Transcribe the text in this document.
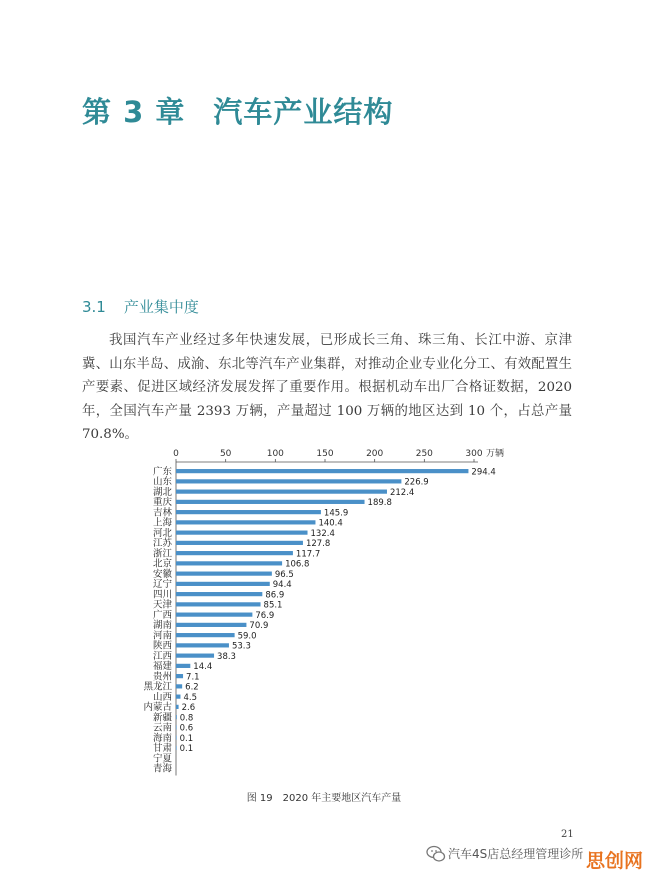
第 3 章 汽车产业结构
3.1 产业集中度

我国汽车产业经过多年快速发展，已形成长三角、珠三角、长江中游、京津冀、山东半岛、成渝、东北等汽车产业集群，对推动企业专业化分工、有效配置生产要素、促进区域经济发展发挥了重要作用。根据机动车出厂合格证数据，2020 年，全国汽车产量 2393 万辆，产量超过 100 万辆的地区达到 10 个，占总产量 70.8%。

0	50	100	150	200	250	300 万辆
广东	294.4
山东	226.9
湖北	212.4
重庆	189.8
吉林	145.9
上海	140.4
河北	132.4
江苏	127.8
浙江	117.7
北京	106.8
安徽	96.5
辽宁	94.4
四川	86.9
天津	85.1
广西	76.9
湖南	70.9
河南	59.0
陕西	53.3
江西	38.3
福建	14.4
贵州 7.1
黑龙江 6.2
山西 4.5
内蒙古 2.6
新疆 0.8
云南 0.6
海南 0.1
甘肃 0.1
宁夏
青海
图 19 2020 年主要地区汽车产量
21
汽车4S店总经理管理诊所 思创网
